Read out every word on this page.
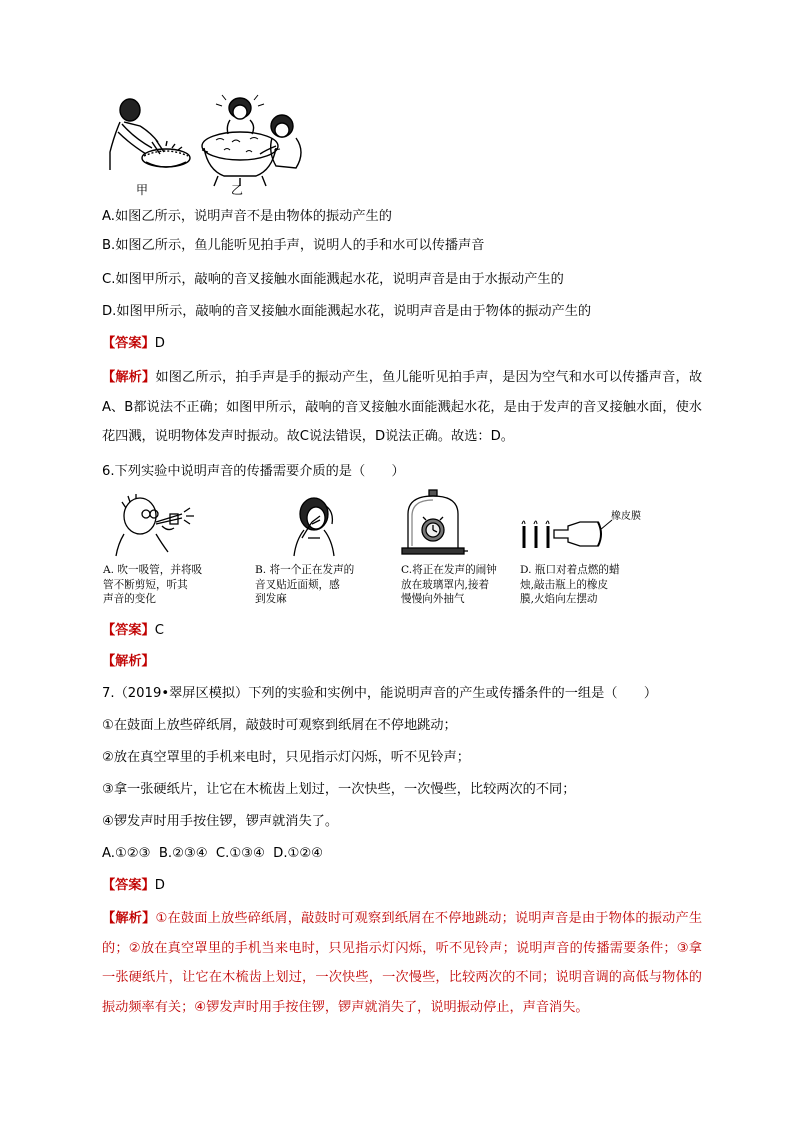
甲	乙
A.如图乙所示，说明声音不是由物体的振动产生的
B.如图乙所示，鱼儿能听见拍手声，说明人的手和水可以传播声音
C.如图甲所示，敲响的音叉接触水面能溅起水花，说明声音是由于水振动产生的
D.如图甲所示，敲响的音叉接触水面能溅起水花，说明声音是由于物体的振动产生的
【答案】D
【解析】如图乙所示，拍手声是手的振动产生，鱼儿能听见拍手声，是因为空气和水可以传播声音，故A、B都说法不正确；如图甲所示，敲响的音叉接触水面能溅起水花，是由于发声的音叉接触水面，使水花四溅，说明物体发声时振动。故C说法错误，D说法正确。故选：D。
6.下列实验中说明声音的传播需要介质的是（　　）
A. 吹一吸管，并将吸
管不断剪短，听其
声音的变化
B. 将一个正在发声的
音叉贴近面颊，感
到发麻
C.将正在发声的闹钟
放在玻璃罩内,接着
慢慢向外抽气
橡皮膜
D. 瓶口对着点燃的蜡
烛,敲击瓶上的橡皮
膜,火焰向左摆动
【答案】C
【解析】
7.（2019•翠屏区模拟）下列的实验和实例中，能说明声音的产生或传播条件的一组是（　　）
①在鼓面上放些碎纸屑，敲鼓时可观察到纸屑在不停地跳动；
②放在真空罩里的手机来电时，只见指示灯闪烁，听不见铃声；
③拿一张硬纸片，让它在木梳齿上划过，一次快些，一次慢些，比较两次的不同；
④锣发声时用手按住锣，锣声就消失了。
A.①②③  B.②③④  C.①③④  D.①②④
【答案】D
【解析】①在鼓面上放些碎纸屑，敲鼓时可观察到纸屑在不停地跳动；说明声音是由于物体的振动产生的；②放在真空罩里的手机当来电时，只见指示灯闪烁，听不见铃声；说明声音的传播需要条件；③拿一张硬纸片，让它在木梳齿上划过，一次快些，一次慢些，比较两次的不同；说明音调的高低与物体的振动频率有关；④锣发声时用手按住锣，锣声就消失了，说明振动停止，声音消失。
